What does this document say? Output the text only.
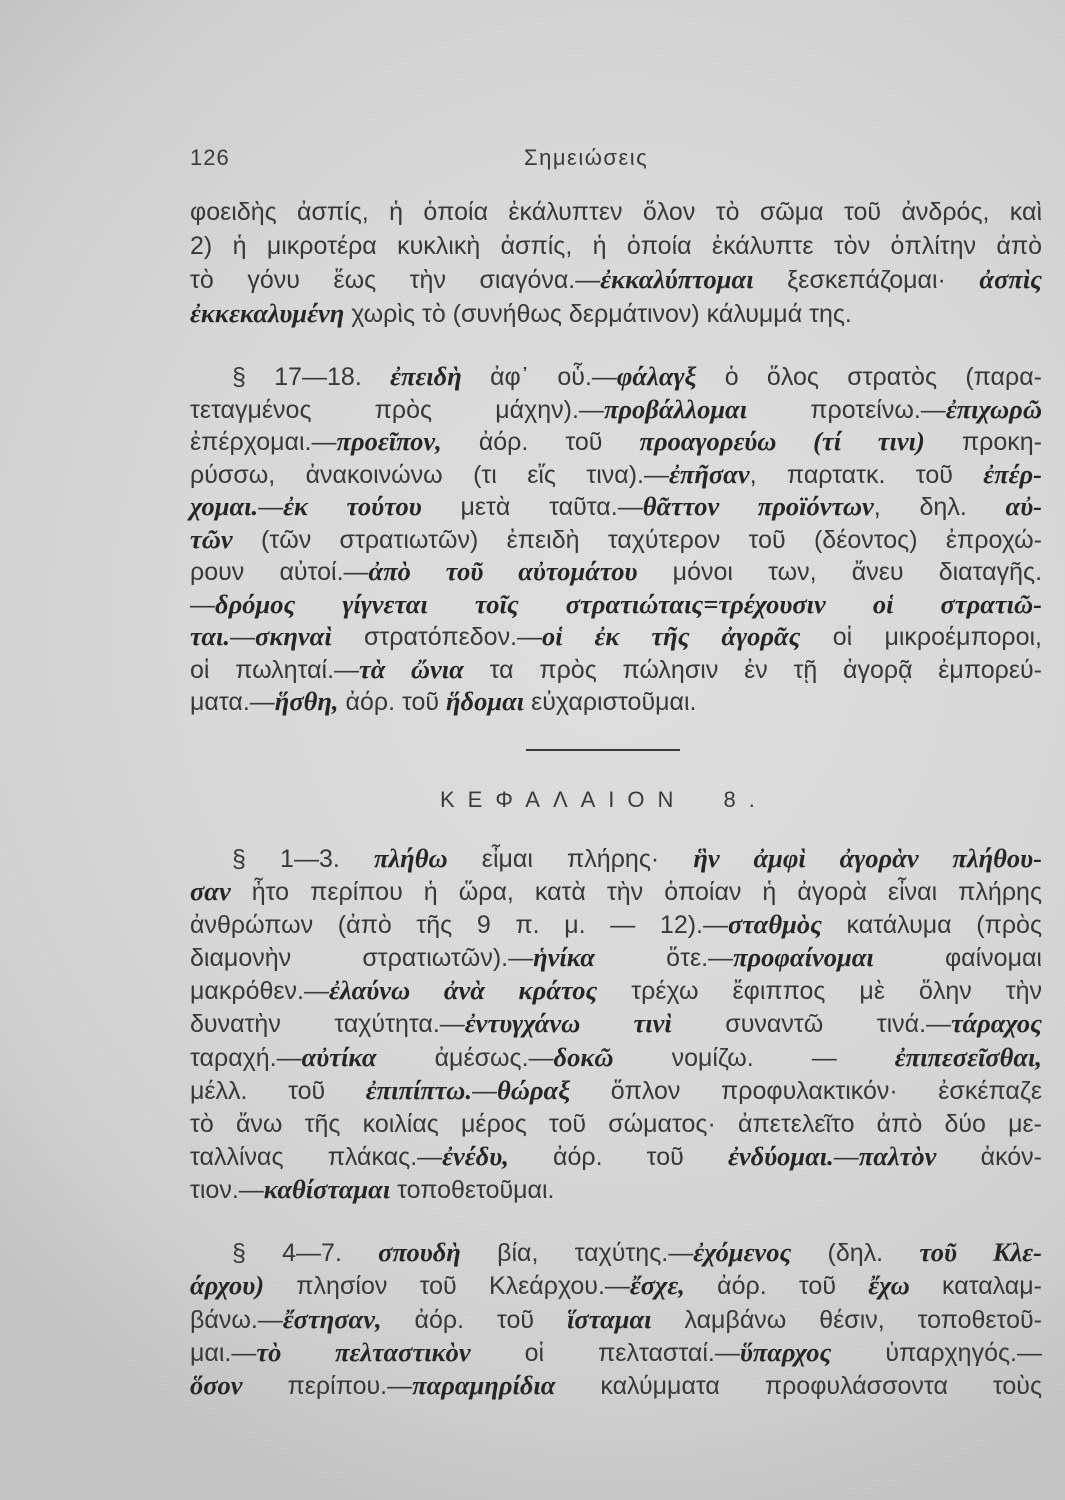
126	Σημειώσεις
φοειδὴς ἀσπίς, ἡ ὁποία ἐκάλυπτεν ὅλον τὸ σῶμα τοῦ ἀνδρός, καὶ
2) ἡ μικροτέρα κυκλικὴ ἀσπίς, ἡ ὁποία ἐκάλυπτε τὸν ὁπλίτην ἀπὸ
τὸ γόνυ ἕως τὴν σιαγόνα.—ἐκκαλύπτομαι ξεσκεπάζομαι· ἀσπὶς
ἐκκεκαλυμένη χωρὶς τὸ (συνήθως δερμάτινον) κάλυμμά της.
§ 17—18. ἐπειδὴ ἀφ᾽ οὗ.—φάλαγξ ὁ ὅλος στρατὸς (παρα-
τεταγμένος πρὸς μάχην).—προβάλλομαι προτείνω.—ἐπιχωρῶ
ἐπέρχομαι.—προεῖπον, ἀόρ. τοῦ προαγορεύω (τί τινι) προκη-
ρύσσω, ἀνακοινώνω (τι εἴς τινα).—ἐπῆσαν, παρτατκ. τοῦ ἐπέρ-
χομαι.—ἐκ τούτου μετὰ ταῦτα.—θᾶττον προϊόντων, δηλ. αὐ-
τῶν (τῶν στρατιωτῶν) ἐπειδὴ ταχύτερον τοῦ (δέοντος) ἐπροχώ-
ρουν αὐτοί.—ἀπὸ τοῦ αὐτομάτου μόνοι των, ἄνευ διαταγῆς.
—δρόμος γίγνεται τοῖς στρατιώταις=τρέχουσιν οἱ στρατιῶ-
ται.—σκηναὶ στρατόπεδον.—οἱ ἐκ τῆς ἀγορᾶς οἱ μικροέμποροι,
οἱ πωληταί.—τὰ ὤνια τα πρὸς πώλησιν ἐν τῇ ἀγορᾷ ἐμπορεύ-
ματα.—ἥσθη, ἀόρ. τοῦ ἥδομαι εὐχαριστοῦμαι.
ΚΕΦΑΛΑΙΟΝ 8.
§ 1—3. πλήθω εἶμαι πλήρης· ἣν ἀμφὶ ἀγορὰν πλήθου-
σαν ἦτο περίπου ἡ ὥρα, κατὰ τὴν ὁποίαν ἡ ἀγορὰ εἶναι πλήρης
ἀνθρώπων (ἀπὸ τῆς 9 π. μ. — 12).—σταθμὸς κατάλυμα (πρὸς
διαμονὴν στρατιωτῶν).—ἡνίκα ὅτε.—προφαίνομαι φαίνομαι
μακρόθεν.—ἐλαύνω ἀνὰ κράτος τρέχω ἔφιππος μὲ ὅλην τὴν
δυνατὴν ταχύτητα.—ἐντυγχάνω τινὶ συναντῶ τινά.—τάραχος
ταραχή.—αὐτίκα ἀμέσως.—δοκῶ νομίζω. — ἐπιπεσεῖσθαι,
μέλλ. τοῦ ἐπιπίπτω.—θώραξ ὅπλον προφυλακτικόν· ἐσκέπαζε
τὸ ἄνω τῆς κοιλίας μέρος τοῦ σώματος· ἀπετελεῖτο ἀπὸ δύο με-
ταλλίνας πλάκας.—ἐνέδυ, ἀόρ. τοῦ ἐνδύομαι.—παλτὸν ἀκόν-
τιον.—καθίσταμαι τοποθετοῦμαι.
§ 4—7. σπουδὴ βία, ταχύτης.—ἐχόμενος (δηλ. τοῦ Κλε-
άρχου) πλησίον τοῦ Κλεάρχου.—ἔσχε, ἀόρ. τοῦ ἔχω καταλαμ-
βάνω.—ἔστησαν, ἀόρ. τοῦ ἵσταμαι λαμβάνω θέσιν, τοποθετοῦ-
μαι.—τὸ πελταστικὸν οἱ πελτασταί.—ὕπαρχος ὑπαρχηγός.—
ὅσον περίπου.—παραμηρίδια καλύμματα προφυλάσσοντα τοὺς
